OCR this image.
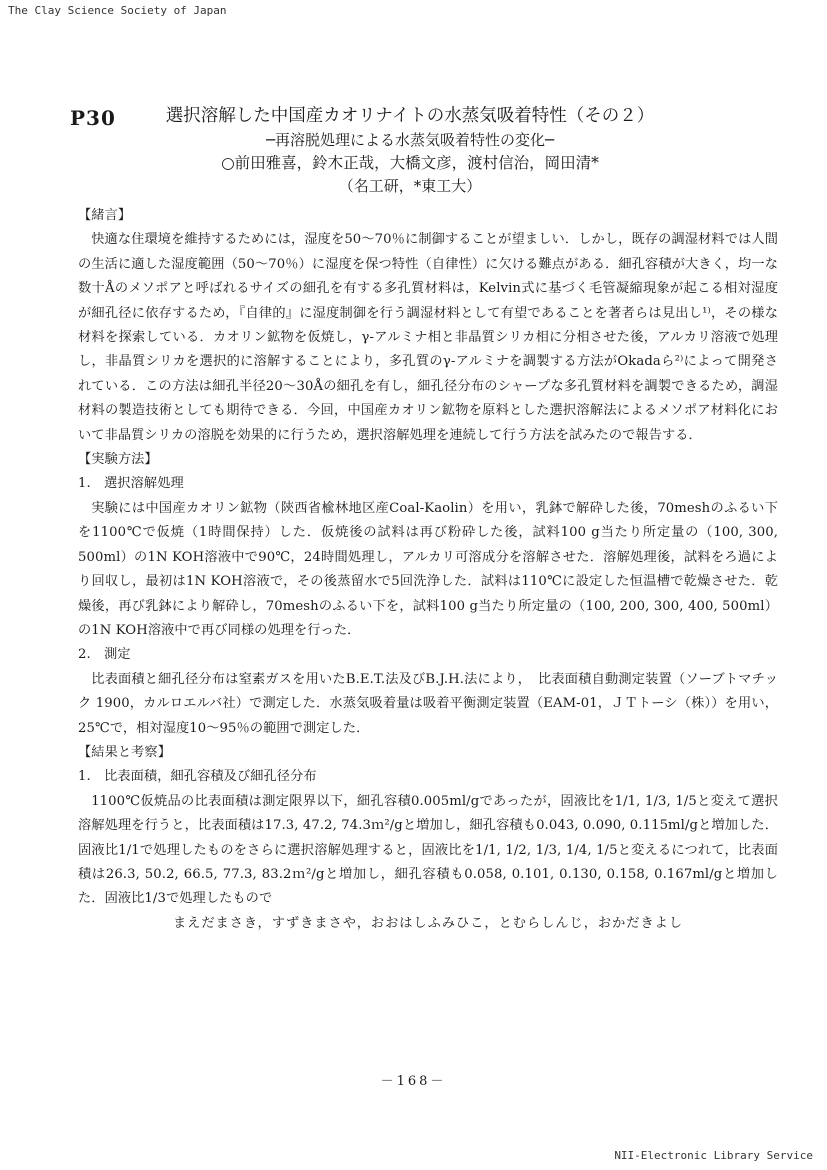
The Clay Science Society of Japan
P30	選択溶解した中国産カオリナイトの水蒸気吸着特性（その２）
─再溶脱処理による水蒸気吸着特性の変化─
○前田雅喜，鈴木正哉，大橋文彦，渡村信治，岡田清*
（名工研，*東工大）
【緒言】

快適な住環境を維持するためには，湿度を50〜70％に制御することが望ましい．しかし，既存の調湿材料では人間の生活に適した湿度範囲（50〜70％）に湿度を保つ特性（自律性）に欠ける難点がある．細孔容積が大きく，均一な数十Åのメソポアと呼ばれるサイズの細孔を有する多孔質材料は，Kelvin式に基づく毛管凝縮現象が起こる相対湿度が細孔径に依存するため，『自律的』に湿度制御を行う調湿材料として有望であることを著者らは見出し¹⁾，その様な材料を探索している．カオリン鉱物を仮焼し，γ-アルミナ相と非晶質シリカ相に分相させた後，アルカリ溶液で処理し，非晶質シリカを選択的に溶解することにより，多孔質のγ-アルミナを調製する方法がOkadaら²⁾によって開発されている．この方法は細孔半径20〜30Åの細孔を有し，細孔径分布のシャープな多孔質材料を調製できるため，調湿材料の製造技術としても期待できる．今回，中国産カオリン鉱物を原料とした選択溶解法によるメソポア材料化において非晶質シリカの溶脱を効果的に行うため，選択溶解処理を連続して行う方法を試みたので報告する．

【実験方法】
1.　選択溶解処理

実験には中国産カオリン鉱物（陝西省楡林地区産Coal-Kaolin）を用い，乳鉢で解砕した後，70meshのふるい下を1100℃で仮焼（1時間保持）した．仮焼後の試料は再び粉砕した後，試料100 g当たり所定量の（100, 300, 500ml）の1N KOH溶液中で90℃，24時間処理し，アルカリ可溶成分を溶解させた．溶解処理後，試料をろ過により回収し，最初は1N KOH溶液で，その後蒸留水で5回洗浄した．試料は110℃に設定した恒温槽で乾燥させた．乾燥後，再び乳鉢により解砕し，70meshのふるい下を，試料100 g当たり所定量の（100, 200, 300, 400, 500ml）の1N KOH溶液中で再び同様の処理を行った．

2.　測定

比表面積と細孔径分布は窒素ガスを用いたB.E.T.法及びB.J.H.法により，　比表面積自動測定装置（ソーブトマチック 1900，カルロエルバ社）で測定した．水蒸気吸着量は吸着平衡測定装置（EAM-01，ＪＴトーシ（株））を用い，25℃で，相対湿度10〜95％の範囲で測定した．

【結果と考察】
1.　比表面積，細孔容積及び細孔径分布

1100℃仮焼品の比表面積は測定限界以下，細孔容積0.005ml/gであったが，固液比を1/1, 1/3, 1/5と変えて選択溶解処理を行うと，比表面積は17.3, 47.2, 74.3ｍ²/gと増加し，細孔容積も0.043, 0.090, 0.115ml/gと増加した．固液比1/1で処理したものをさらに選択溶解処理すると，固液比を1/1, 1/2, 1/3, 1/4, 1/5と変えるにつれて，比表面積は26.3, 50.2, 66.5, 77.3, 83.2ｍ²/gと増加し，細孔容積も0.058, 0.101, 0.130, 0.158, 0.167ml/gと増加した．固液比1/3で処理したもので

まえだまさき，すずきまさや，おおはしふみひこ，とむらしんじ，おかだきよし
－168－
NII-Electronic Library Service
